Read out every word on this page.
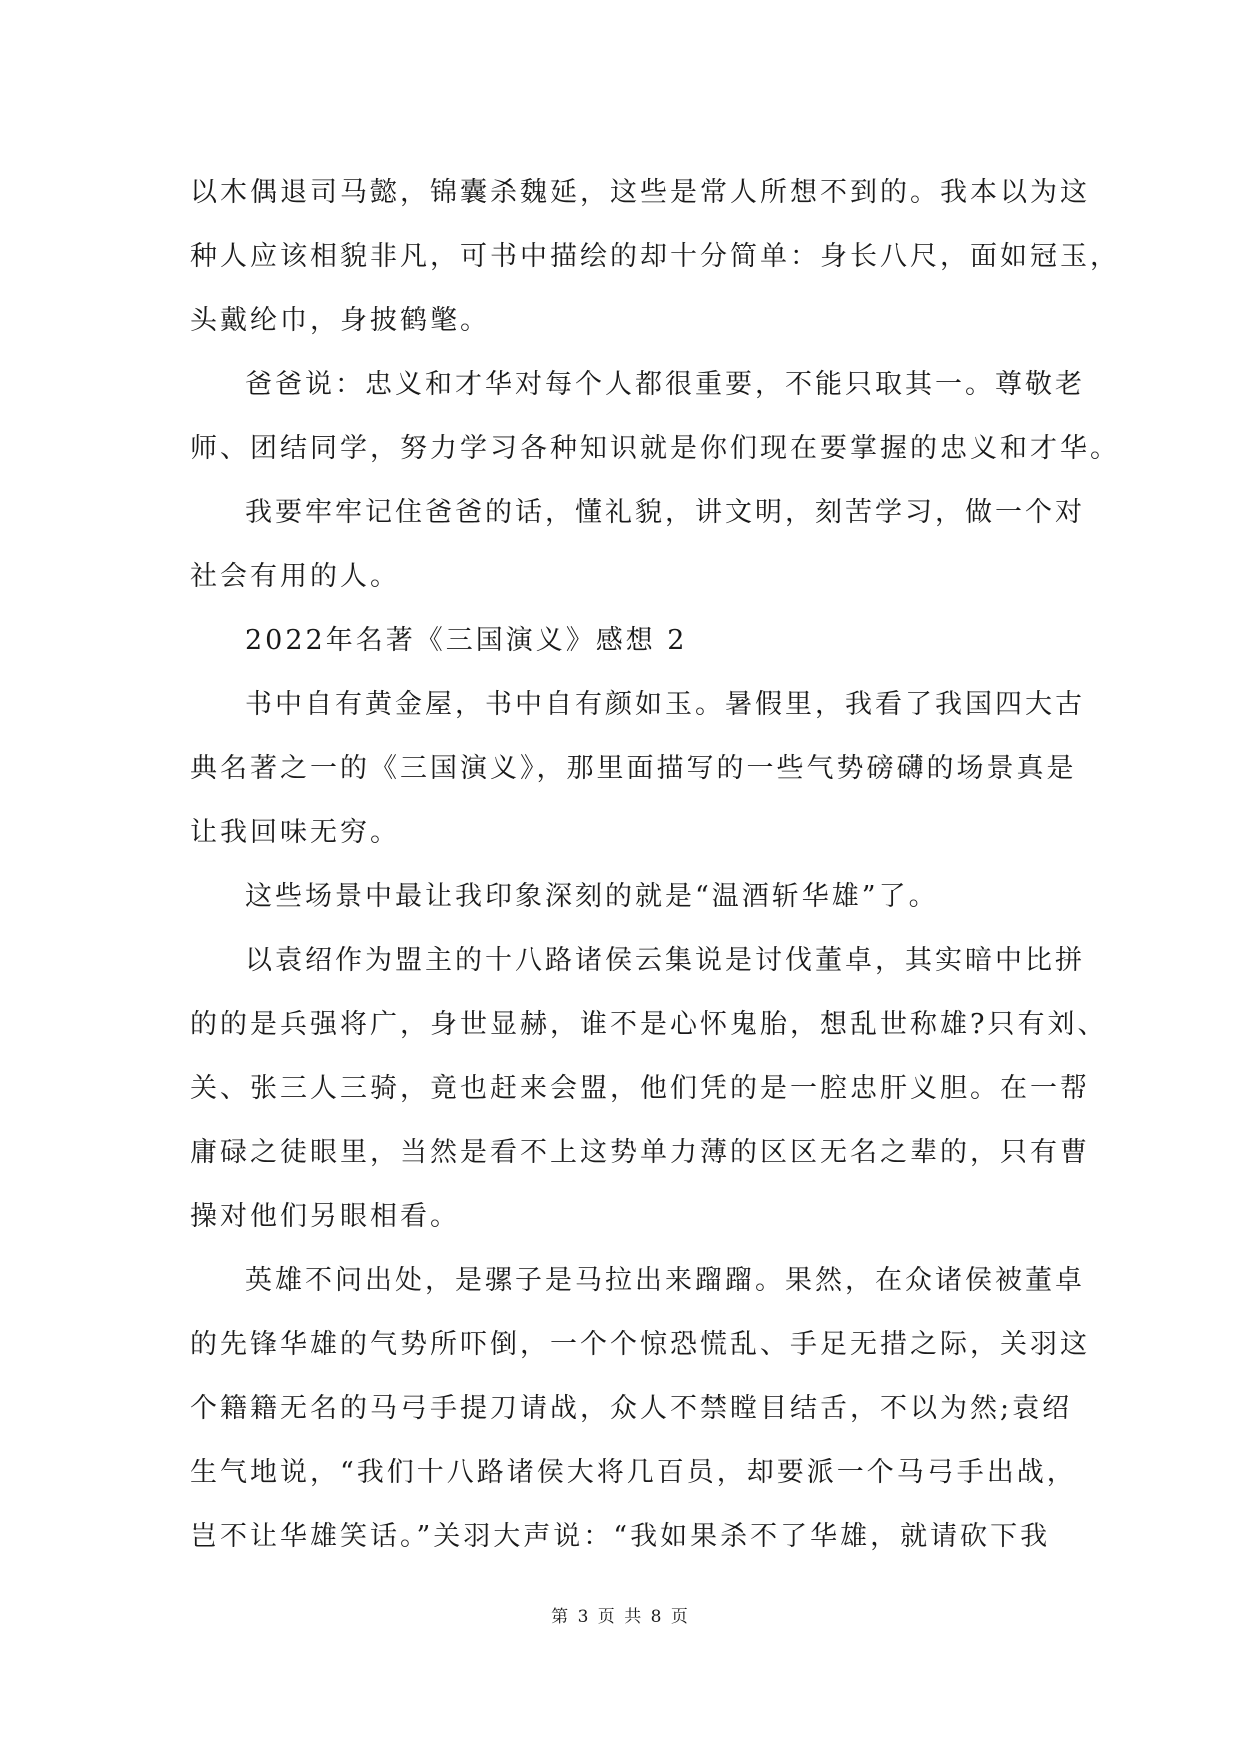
以木偶退司马懿，锦囊杀魏延，这些是常人所想不到的。我本以为这
种人应该相貌非凡，可书中描绘的却十分简单：身长八尺，面如冠玉，
头戴纶巾，身披鹤氅。
爸爸说：忠义和才华对每个人都很重要，不能只取其一。尊敬老
师、团结同学，努力学习各种知识就是你们现在要掌握的忠义和才华。
我要牢牢记住爸爸的话，懂礼貌，讲文明，刻苦学习，做一个对
社会有用的人。
2022年名著《三国演义》感想 2
书中自有黄金屋，书中自有颜如玉。暑假里，我看了我国四大古
典名著之一的《三国演义》，那里面描写的一些气势磅礴的场景真是
让我回味无穷。
这些场景中最让我印象深刻的就是“温酒斩华雄”了。
以袁绍作为盟主的十八路诸侯云集说是讨伐董卓，其实暗中比拼
的的是兵强将广，身世显赫，谁不是心怀鬼胎，想乱世称雄?只有刘、
关、张三人三骑，竟也赶来会盟，他们凭的是一腔忠肝义胆。在一帮
庸碌之徒眼里，当然是看不上这势单力薄的区区无名之辈的，只有曹
操对他们另眼相看。
英雄不问出处，是骡子是马拉出来蹓蹓。果然，在众诸侯被董卓
的先锋华雄的气势所吓倒，一个个惊恐慌乱、手足无措之际，关羽这
个籍籍无名的马弓手提刀请战，众人不禁瞠目结舌，不以为然;袁绍
生气地说，“我们十八路诸侯大将几百员，却要派一个马弓手出战，
岂不让华雄笑话。”关羽大声说：“我如果杀不了华雄，就请砍下我
第 3 页 共 8 页
